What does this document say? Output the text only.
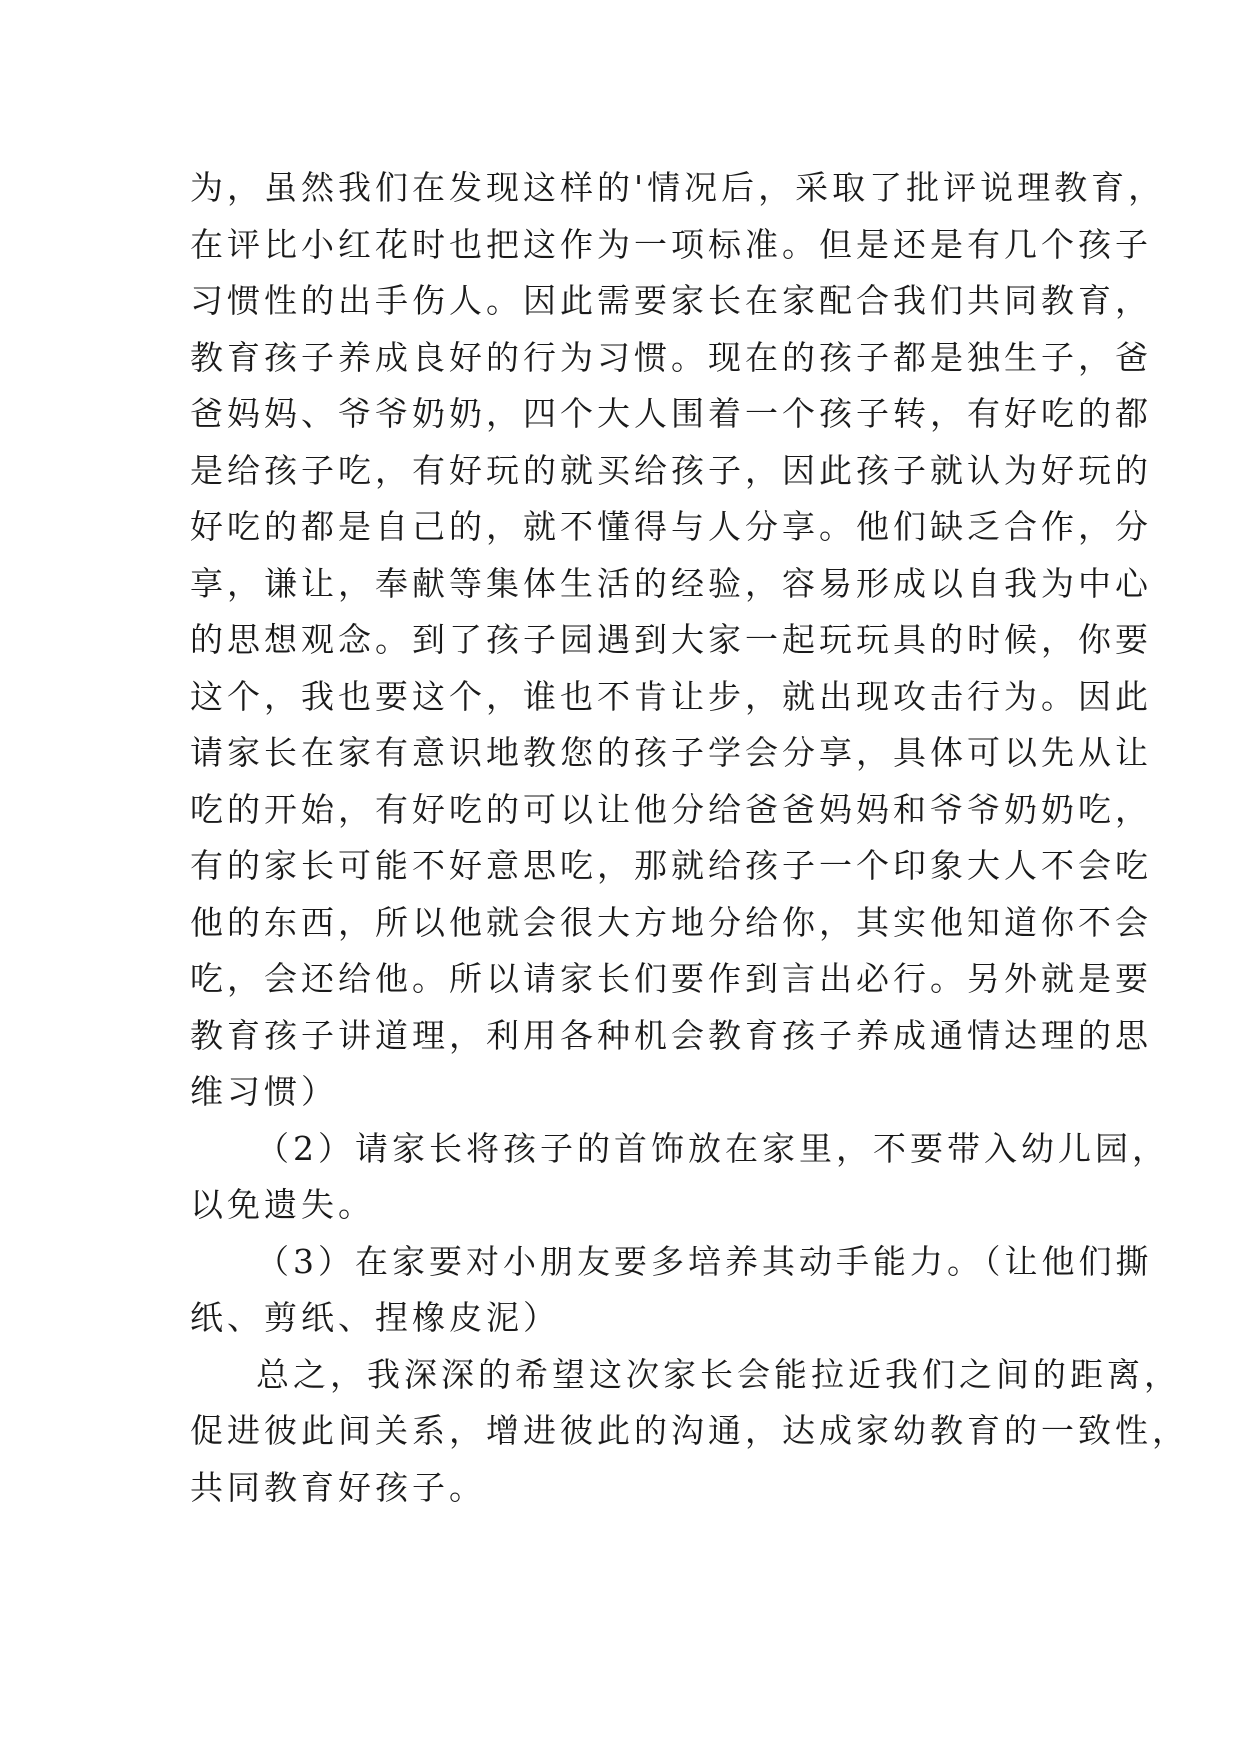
为，虽然我们在发现这样的'情况后，采取了批评说理教育，
在评比小红花时也把这作为一项标准。但是还是有几个孩子
习惯性的出手伤人。因此需要家长在家配合我们共同教育，
教育孩子养成良好的行为习惯。现在的孩子都是独生子，爸
爸妈妈、爷爷奶奶，四个大人围着一个孩子转，有好吃的都
是给孩子吃，有好玩的就买给孩子，因此孩子就认为好玩的
好吃的都是自己的，就不懂得与人分享。他们缺乏合作，分
享，谦让，奉献等集体生活的经验，容易形成以自我为中心
的思想观念。到了孩子园遇到大家一起玩玩具的时候，你要
这个，我也要这个，谁也不肯让步，就出现攻击行为。因此
请家长在家有意识地教您的孩子学会分享，具体可以先从让
吃的开始，有好吃的可以让他分给爸爸妈妈和爷爷奶奶吃，
有的家长可能不好意思吃，那就给孩子一个印象大人不会吃
他的东西，所以他就会很大方地分给你，其实他知道你不会
吃，会还给他。所以请家长们要作到言出必行。另外就是要
教育孩子讲道理，利用各种机会教育孩子养成通情达理的思
维习惯）
（2）请家长将孩子的首饰放在家里，不要带入幼儿园，
以免遗失。
（3）在家要对小朋友要多培养其动手能力。（让他们撕
纸、剪纸、捏橡皮泥）
总之，我深深的希望这次家长会能拉近我们之间的距离，
促进彼此间关系，增进彼此的沟通，达成家幼教育的一致性，
共同教育好孩子。
